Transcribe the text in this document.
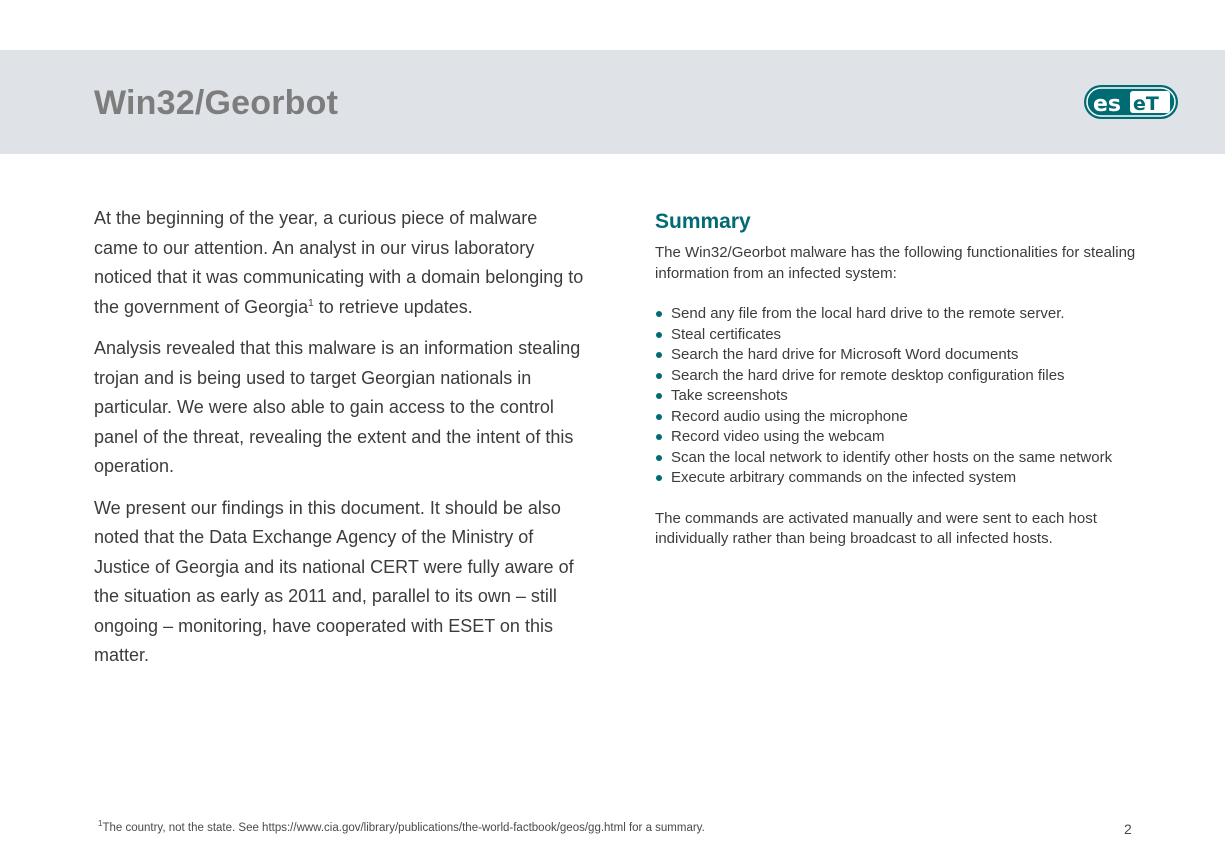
Win32/Georbot	es eT

At the beginning of the year, a curious piece of malware came to our attention. An analyst in our virus laboratory noticed that it was communicating with a domain belonging to the government of Georgia$^1$ to retrieve updates.

Analysis revealed that this malware is an information stealing trojan and is being used to target Georgian nationals in particular. We were also able to gain access to the control panel of the threat, revealing the extent and the intent of this operation.

We present our findings in this document. It should be also noted that the Data Exchange Agency of the Ministry of Justice of Georgia and its national CERT were fully aware of the situation as early as 2011 and, parallel to its own – still ongoing – monitoring, have cooperated with ESET on this matter.

Summary

The Win32/Georbot malware has the following functionalities for stealing information from an infected system:

Send any file from the local hard drive to the remote server.
Steal certificates
Search the hard drive for Microsoft Word documents
Search the hard drive for remote desktop configuration files
Take screenshots
Record audio using the microphone
Record video using the webcam
Scan the local network to identify other hosts on the same network
Execute arbitrary commands on the infected system

The commands are activated manually and were sent to each host individually rather than being broadcast to all infected hosts.

$^1$The country, not the state. See https://www.cia.gov/library/publications/the-world-factbook/geos/gg.html for a summary.	2
